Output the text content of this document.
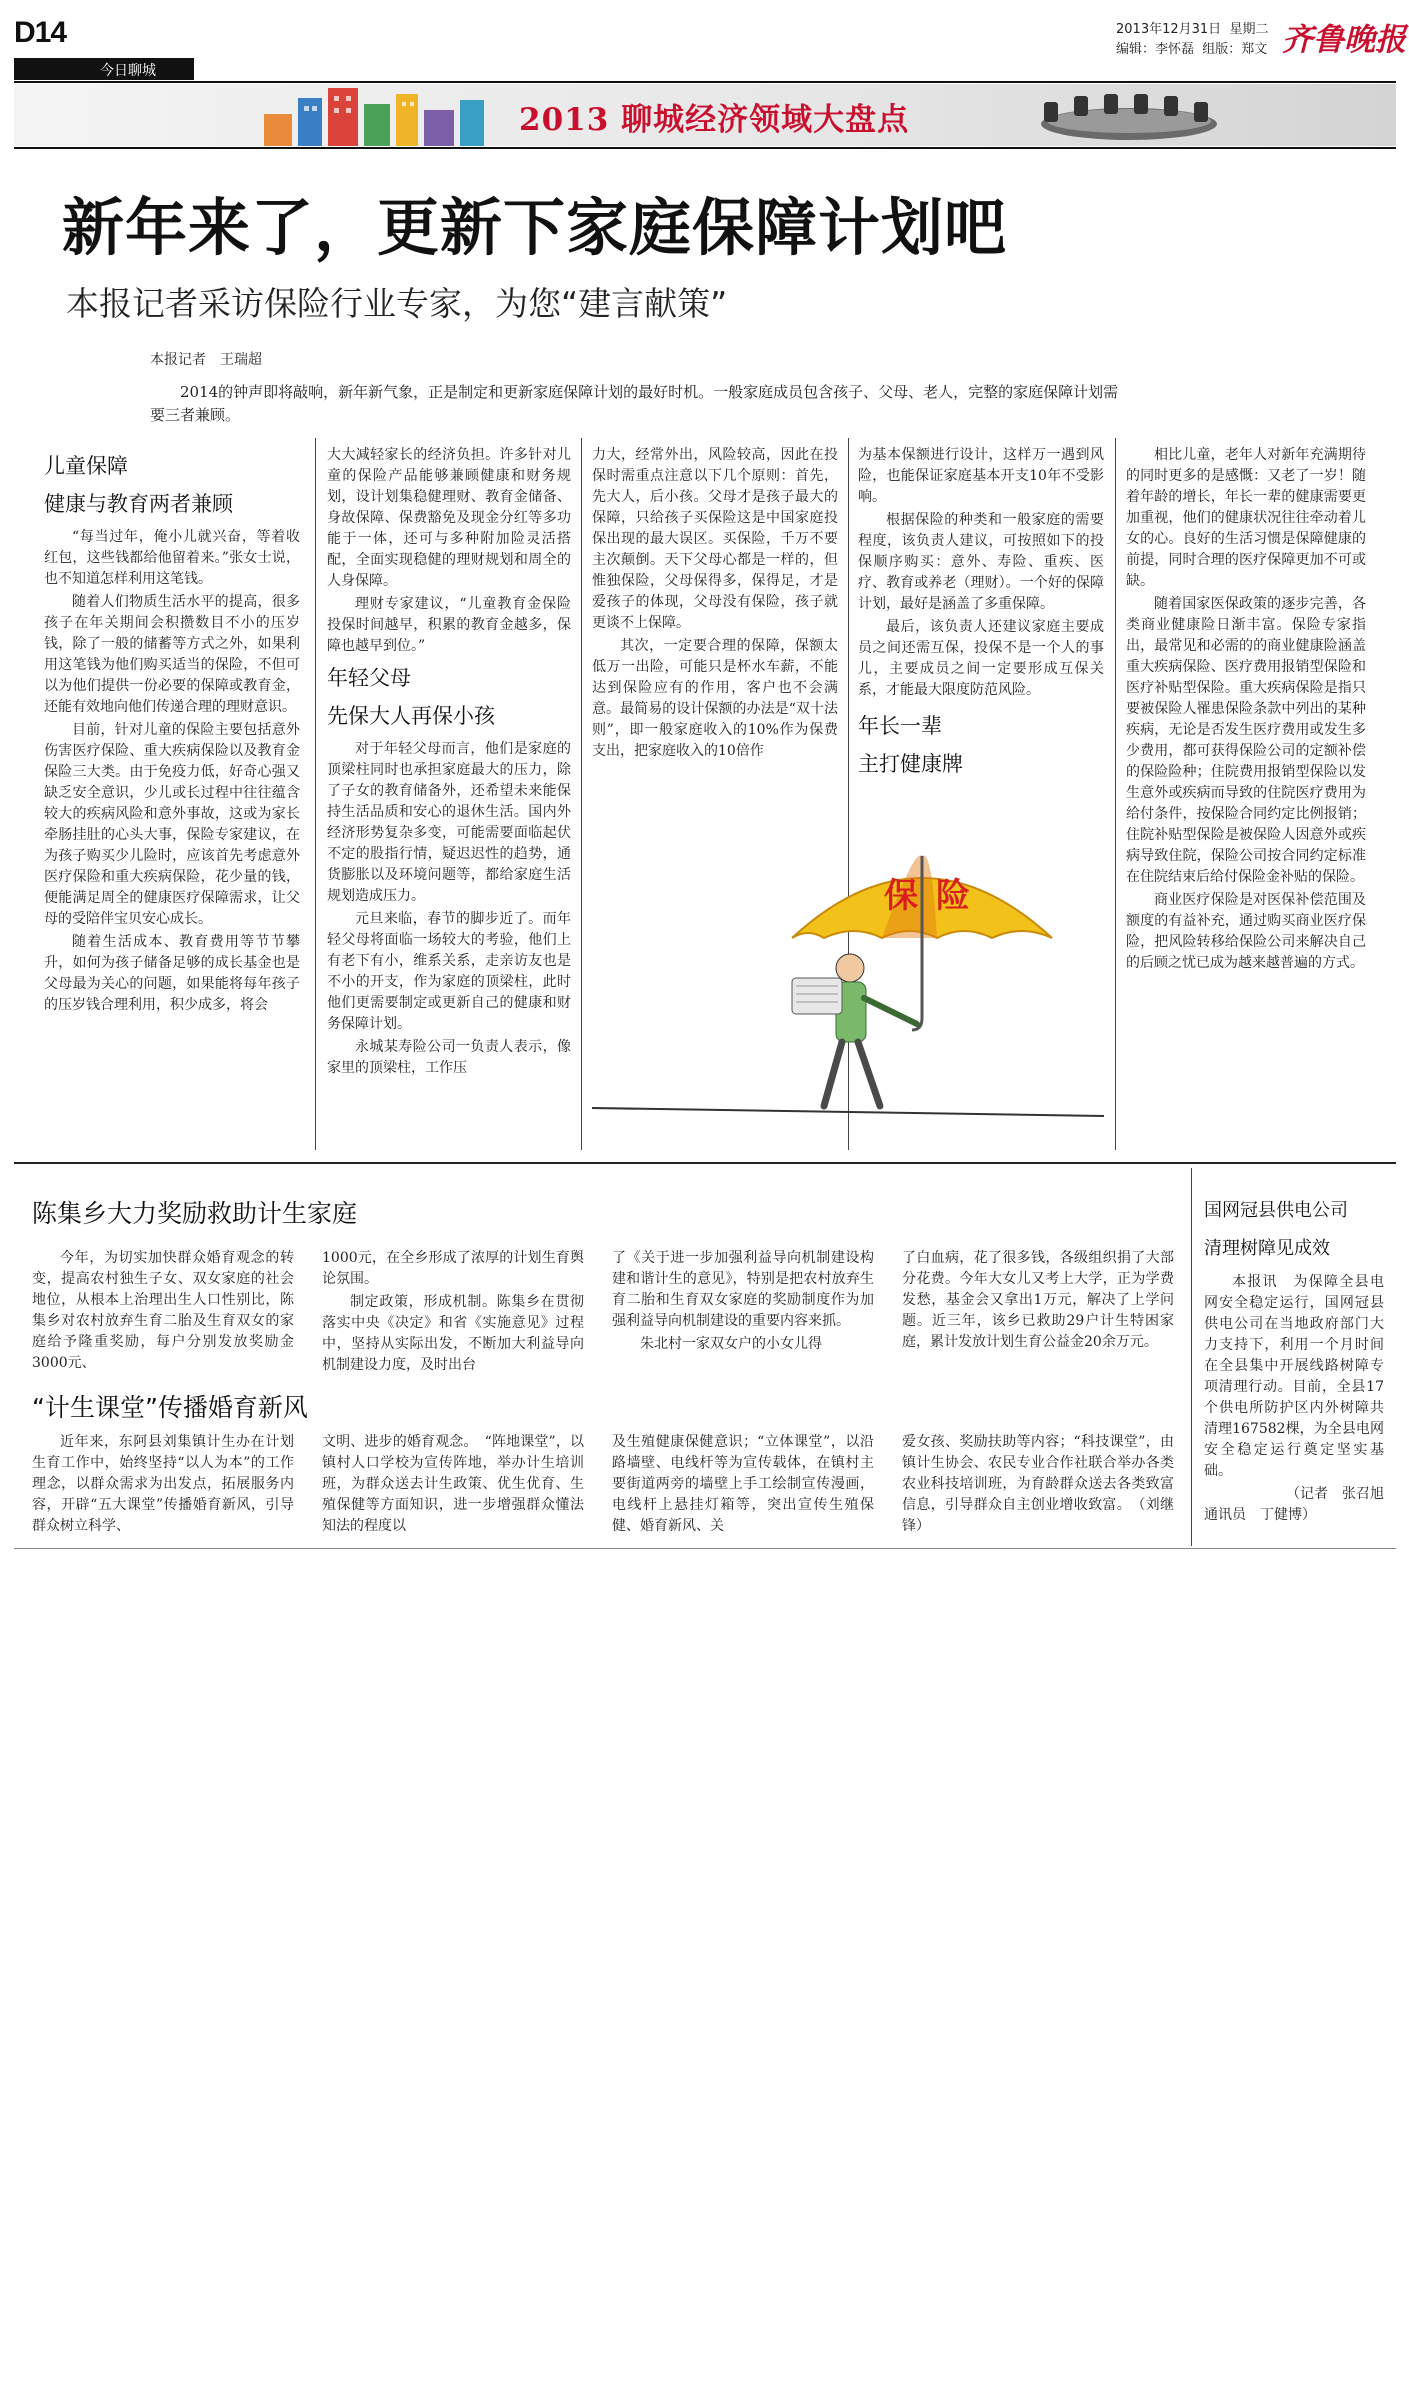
D14
今日聊城
2013年12月31日 星期二
编辑：李怀磊 组版：郑文 齐鲁晚报
2013 聊城经济领域大盘点
新年来了，更新下家庭保障计划吧
本报记者采访保险行业专家，为您“建言献策”
本报记者　王瑞超
2014的钟声即将敲响，新年新气象，正是制定和更新家庭保障计划的最好时机。一般家庭成员包含孩子、父母、老人，完整的家庭保障计划需要三者兼顾。
儿童保障
健康与教育两者兼顾

“每当过年，俺小儿就兴奋，等着收红包，这些钱都给他留着来。”张女士说，也不知道怎样利用这笔钱。

随着人们物质生活水平的提高，很多孩子在年关期间会积攒数目不小的压岁钱，除了一般的储蓄等方式之外，如果利用这笔钱为他们购买适当的保险，不但可以为他们提供一份必要的保障或教育金，还能有效地向他们传递合理的理财意识。

目前，针对儿童的保险主要包括意外伤害医疗保险、重大疾病保险以及教育金保险三大类。由于免疫力低，好奇心强又缺乏安全意识，少儿或长过程中往往蕴含较大的疾病风险和意外事故，这或为家长牵肠挂肚的心头大事，保险专家建议，在为孩子购买少儿险时，应该首先考虑意外医疗保险和重大疾病保险，花少量的钱，便能满足周全的健康医疗保障需求，让父母的受陪伴宝贝安心成长。

随着生活成本、教育费用等节节攀升，如何为孩子储备足够的成长基金也是父母最为关心的问题，如果能将每年孩子的压岁钱合理利用，积少成多，将会

大大减轻家长的经济负担。许多针对儿童的保险产品能够兼顾健康和财务规划，设计划集稳健理财、教育金储备、身故保障、保费豁免及现金分红等多功能于一体，还可与多种附加险灵活搭配，全面实现稳健的理财规划和周全的人身保障。

理财专家建议，“儿童教育金保险投保时间越早，积累的教育金越多，保障也越早到位。”

年轻父母
先保大人再保小孩

对于年轻父母而言，他们是家庭的顶梁柱同时也承担家庭最大的压力，除了子女的教育储备外，还希望未来能保持生活品质和安心的退休生活。国内外经济形势复杂多变，可能需要面临起伏不定的股指行情，疑迟迟性的趋势，通货膨胀以及环境问题等，都给家庭生活规划造成压力。

元旦来临，春节的脚步近了。而年轻父母将面临一场较大的考验，他们上有老下有小，维系关系，走亲访友也是不小的开支，作为家庭的顶梁柱，此时他们更需要制定或更新自己的健康和财务保障计划。

永城某寿险公司一负责人表示，像家里的顶梁柱，工作压

力大，经常外出，风险较高，因此在投保时需重点注意以下几个原则：首先，先大人，后小孩。父母才是孩子最大的保障，只给孩子买保险这是中国家庭投保出现的最大误区。买保险，千万不要主次颠倒。天下父母心都是一样的，但惟独保险，父母保得多，保得足，才是爱孩子的体现，父母没有保险，孩子就更谈不上保障。

其次，一定要合理的保障，保额太低万一出险，可能只是杯水车薪，不能达到保险应有的作用，客户也不会满意。最简易的设计保额的办法是“双十法则”，即一般家庭收入的10%作为保费支出，把家庭收入的10倍作

为基本保额进行设计，这样万一遇到风险，也能保证家庭基本开支10年不受影响。

根据保险的种类和一般家庭的需要程度，该负责人建议，可按照如下的投保顺序购买：意外、寿险、重疾、医疗、教育或养老（理财）。一个好的保障计划，最好是涵盖了多重保障。

最后，该负责人还建议家庭主要成员之间还需互保，投保不是一个人的事儿，主要成员之间一定要形成互保关系，才能最大限度防范风险。

年长一辈
主打健康牌
保险

相比儿童，老年人对新年充满期待的同时更多的是感慨：又老了一岁！随着年龄的增长，年长一辈的健康需要更加重视，他们的健康状况往往牵动着儿女的心。良好的生活习惯是保障健康的前提，同时合理的医疗保障更加不可或缺。

随着国家医保政策的逐步完善，各类商业健康险日渐丰富。保险专家指出，最常见和必需的的商业健康险涵盖重大疾病保险、医疗费用报销型保险和医疗补贴型保险。重大疾病保险是指只要被保险人罹患保险条款中列出的某种疾病，无论是否发生医疗费用或发生多少费用，都可获得保险公司的定额补偿的保险险种；住院费用报销型保险以发生意外或疾病而导致的住院医疗费用为给付条件，按保险合同约定比例报销；住院补贴型保险是被保险人因意外或疾病导致住院，保险公司按合同约定标准在住院结束后给付保险金补贴的保险。

商业医疗保险是对医保补偿范围及额度的有益补充，通过购买商业医疗保险，把风险转移给保险公司来解决自己的后顾之忧已成为越来越普遍的方式。

陈集乡大力奖励救助计生家庭

今年，为切实加快群众婚育观念的转变，提高农村独生子女、双女家庭的社会地位，从根本上治理出生人口性别比，陈集乡对农村放弃生育二胎及生育双女的家庭给予隆重奖励，每户分别发放奖励金3000元、

1000元，在全乡形成了浓厚的计划生育舆论氛围。

制定政策，形成机制。陈集乡在贯彻落实中央《决定》和省《实施意见》过程中，坚持从实际出发，不断加大利益导向机制建设力度，及时出台

了《关于进一步加强利益导向机制建设构建和谐计生的意见》，特别是把农村放弃生育二胎和生育双女家庭的奖励制度作为加强利益导向机制建设的重要内容来抓。

朱北村一家双女户的小女儿得

了白血病，花了很多钱，各级组织捐了大部分花费。今年大女儿又考上大学，正为学费发愁，基金会又拿出1万元，解决了上学问题。近三年，该乡已救助29户计生特困家庭，累计发放计划生育公益金20余万元。

“计生课堂”传播婚育新风

近年来，东阿县刘集镇计生办在计划生育工作中，始终坚持“以人为本”的工作理念，以群众需求为出发点，拓展服务内容，开辟“五大课堂”传播婚育新风，引导群众树立科学、

文明、进步的婚育观念。　“阵地课堂”，以镇村人口学校为宣传阵地，举办计生培训班，为群众送去计生政策、优生优育、生殖保健等方面知识，进一步增强群众懂法知法的程度以

及生殖健康保健意识；“立体课堂”，以沿路墙壁、电线杆等为宣传载体，在镇村主要街道两旁的墙壁上手工绘制宣传漫画，电线杆上悬挂灯箱等，突出宣传生殖保健、婚育新风、关

爱女孩、奖励扶助等内容；“科技课堂”，由镇计生协会、农民专业合作社联合举办各类农业科技培训班，为育龄群众送去各类致富信息，引导群众自主创业增收致富。　（刘继锋）

国网冠县供电公司
清理树障见成效

本报讯　为保障全县电网安全稳定运行，国网冠县供电公司在当地政府部门大力支持下，利用一个月时间在全县集中开展线路树障专项清理行动。目前，全县17个供电所防护区内外树障共清理167582棵，为全县电网安全稳定运行奠定坚实基础。

（记者　张召旭
通讯员　丁健博）
